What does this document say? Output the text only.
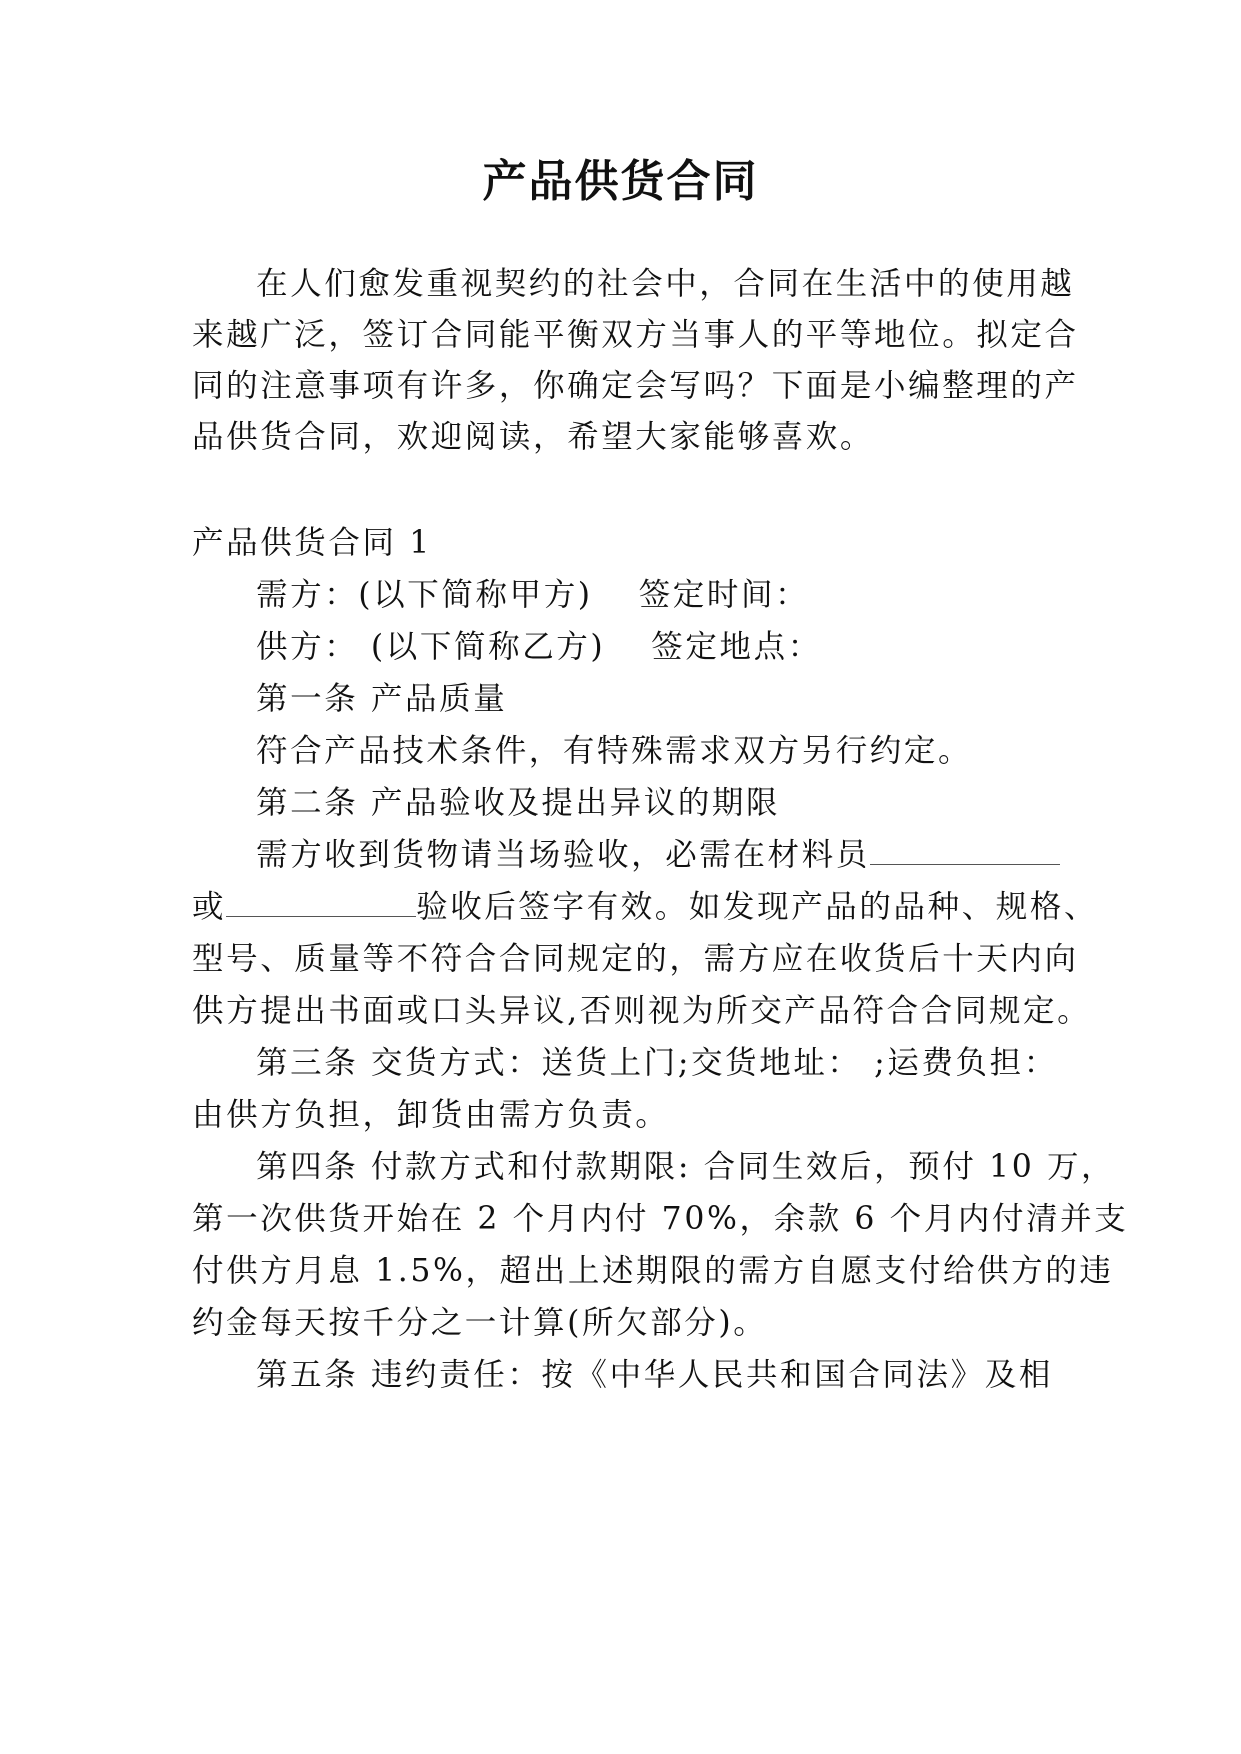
产品供货合同
在人们愈发重视契约的社会中，合同在生活中的使用越
来越广泛，签订合同能平衡双方当事人的平等地位。拟定合
同的注意事项有许多，你确定会写吗？下面是小编整理的产
品供货合同，欢迎阅读，希望大家能够喜欢。
产品供货合同 1
需方：(以下简称甲方) 签定时间：
供方： (以下简称乙方) 签定地点：
第一条 产品质量
符合产品技术条件，有特殊需求双方另行约定。
第二条 产品验收及提出异议的期限
需方收到货物请当场验收，必需在材料员
或	验收后签字有效。如发现产品的品种、规格、
型号、质量等不符合合同规定的，需方应在收货后十天内向
供方提出书面或口头异议,否则视为所交产品符合合同规定。
第三条 交货方式：送货上门;交货地址： ;运费负担：
由供方负担，卸货由需方负责。
第四条 付款方式和付款期限: 合同生效后，预付 10 万，
第一次供货开始在 2 个月内付 70%，余款 6 个月内付清并支
付供方月息 1.5%，超出上述期限的需方自愿支付给供方的违
约金每天按千分之一计算(所欠部分)。
第五条 违约责任：按《中华人民共和国合同法》及相
